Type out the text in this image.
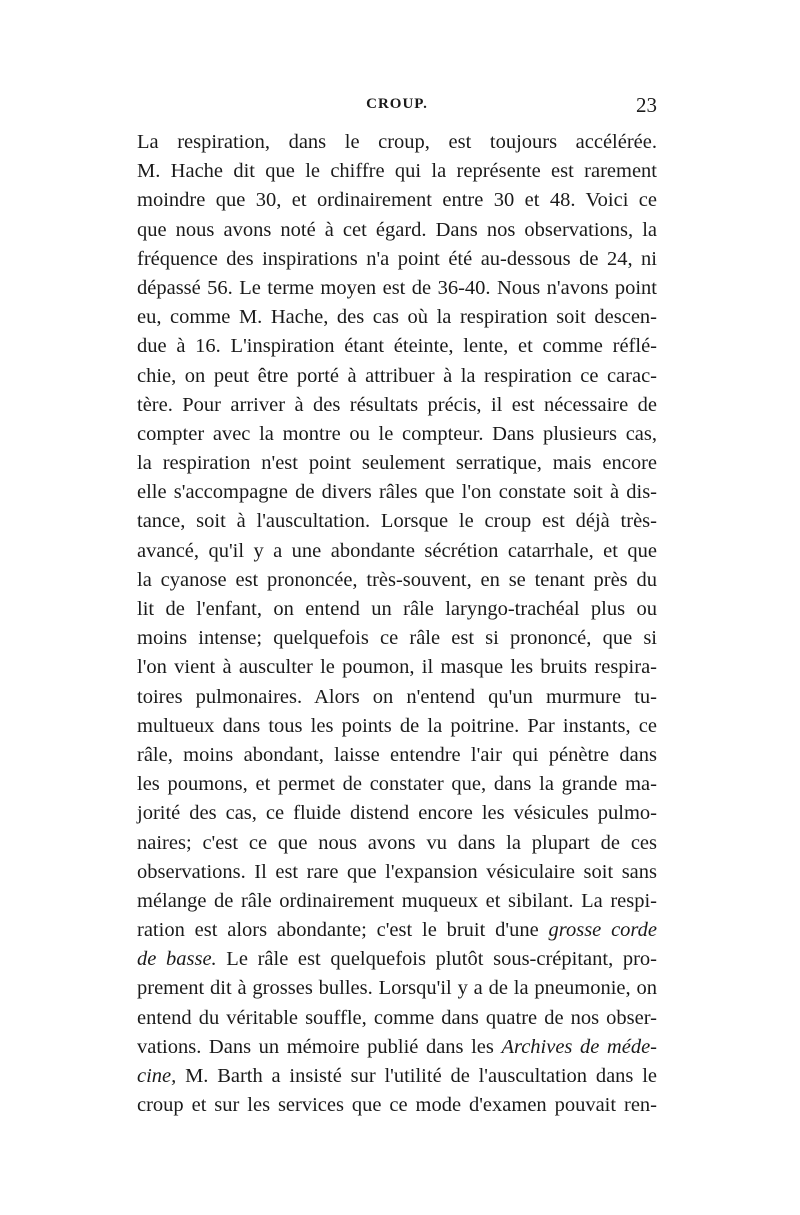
CROUP.	23
La respiration, dans le croup, est toujours accélérée.
M. Hache dit que le chiffre qui la représente est rarement
moindre que 30, et ordinairement entre 30 et 48. Voici ce
que nous avons noté à cet égard. Dans nos observations, la
fréquence des inspirations n'a point été au-dessous de 24, ni
dépassé 56. Le terme moyen est de 36-40. Nous n'avons point
eu, comme M. Hache, des cas où la respiration soit descen-
due à 16. L'inspiration étant éteinte, lente, et comme réflé-
chie, on peut être porté à attribuer à la respiration ce carac-
tère. Pour arriver à des résultats précis, il est nécessaire de
compter avec la montre ou le compteur. Dans plusieurs cas,
la respiration n'est point seulement serratique, mais encore
elle s'accompagne de divers râles que l'on constate soit à dis-
tance, soit à l'auscultation. Lorsque le croup est déjà très-
avancé, qu'il y a une abondante sécrétion catarrhale, et que
la cyanose est prononcée, très-souvent, en se tenant près du
lit de l'enfant, on entend un râle laryngo-trachéal plus ou
moins intense; quelquefois ce râle est si prononcé, que si
l'on vient à ausculter le poumon, il masque les bruits respira-
toires pulmonaires. Alors on n'entend qu'un murmure tu-
multueux dans tous les points de la poitrine. Par instants, ce
râle, moins abondant, laisse entendre l'air qui pénètre dans
les poumons, et permet de constater que, dans la grande ma-
jorité des cas, ce fluide distend encore les vésicules pulmo-
naires; c'est ce que nous avons vu dans la plupart de ces
observations. Il est rare que l'expansion vésiculaire soit sans
mélange de râle ordinairement muqueux et sibilant. La respi-
ration est alors abondante; c'est le bruit d'une grosse corde
de basse. Le râle est quelquefois plutôt sous-crépitant, pro-
prement dit à grosses bulles. Lorsqu'il y a de la pneumonie, on
entend du véritable souffle, comme dans quatre de nos obser-
vations. Dans un mémoire publié dans les Archives de méde-
cine, M. Barth a insisté sur l'utilité de l'auscultation dans le
croup et sur les services que ce mode d'examen pouvait ren-
